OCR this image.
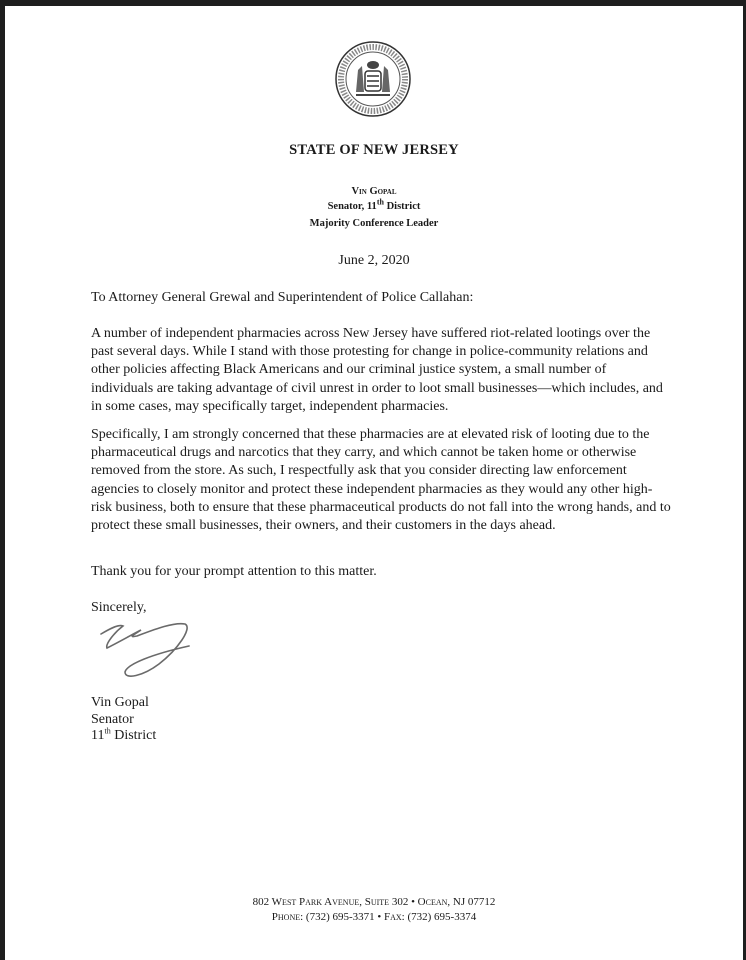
STATE OF NEW JERSEY
Vin Gopal
Senator, 11th District
Majority Conference Leader
June 2, 2020
To Attorney General Grewal and Superintendent of Police Callahan:
A number of independent pharmacies across New Jersey have suffered riot-related lootings over the past several days. While I stand with those protesting for change in police-community relations and other policies affecting Black Americans and our criminal justice system, a small number of individuals are taking advantage of civil unrest in order to loot small businesses—which includes, and in some cases, may specifically target, independent pharmacies.
Specifically, I am strongly concerned that these pharmacies are at elevated risk of looting due to the pharmaceutical drugs and narcotics that they carry, and which cannot be taken home or otherwise removed from the store. As such, I respectfully ask that you consider directing law enforcement agencies to closely monitor and protect these independent pharmacies as they would any other high-risk business, both to ensure that these pharmaceutical products do not fall into the wrong hands, and to protect these small businesses, their owners, and their customers in the days ahead.
Thank you for your prompt attention to this matter.
Sincerely,
Vin Gopal
Senator
11th District
802 West Park Avenue, Suite 302 • Ocean, NJ 07712
Phone: (732) 695-3371 • Fax: (732) 695-3374
